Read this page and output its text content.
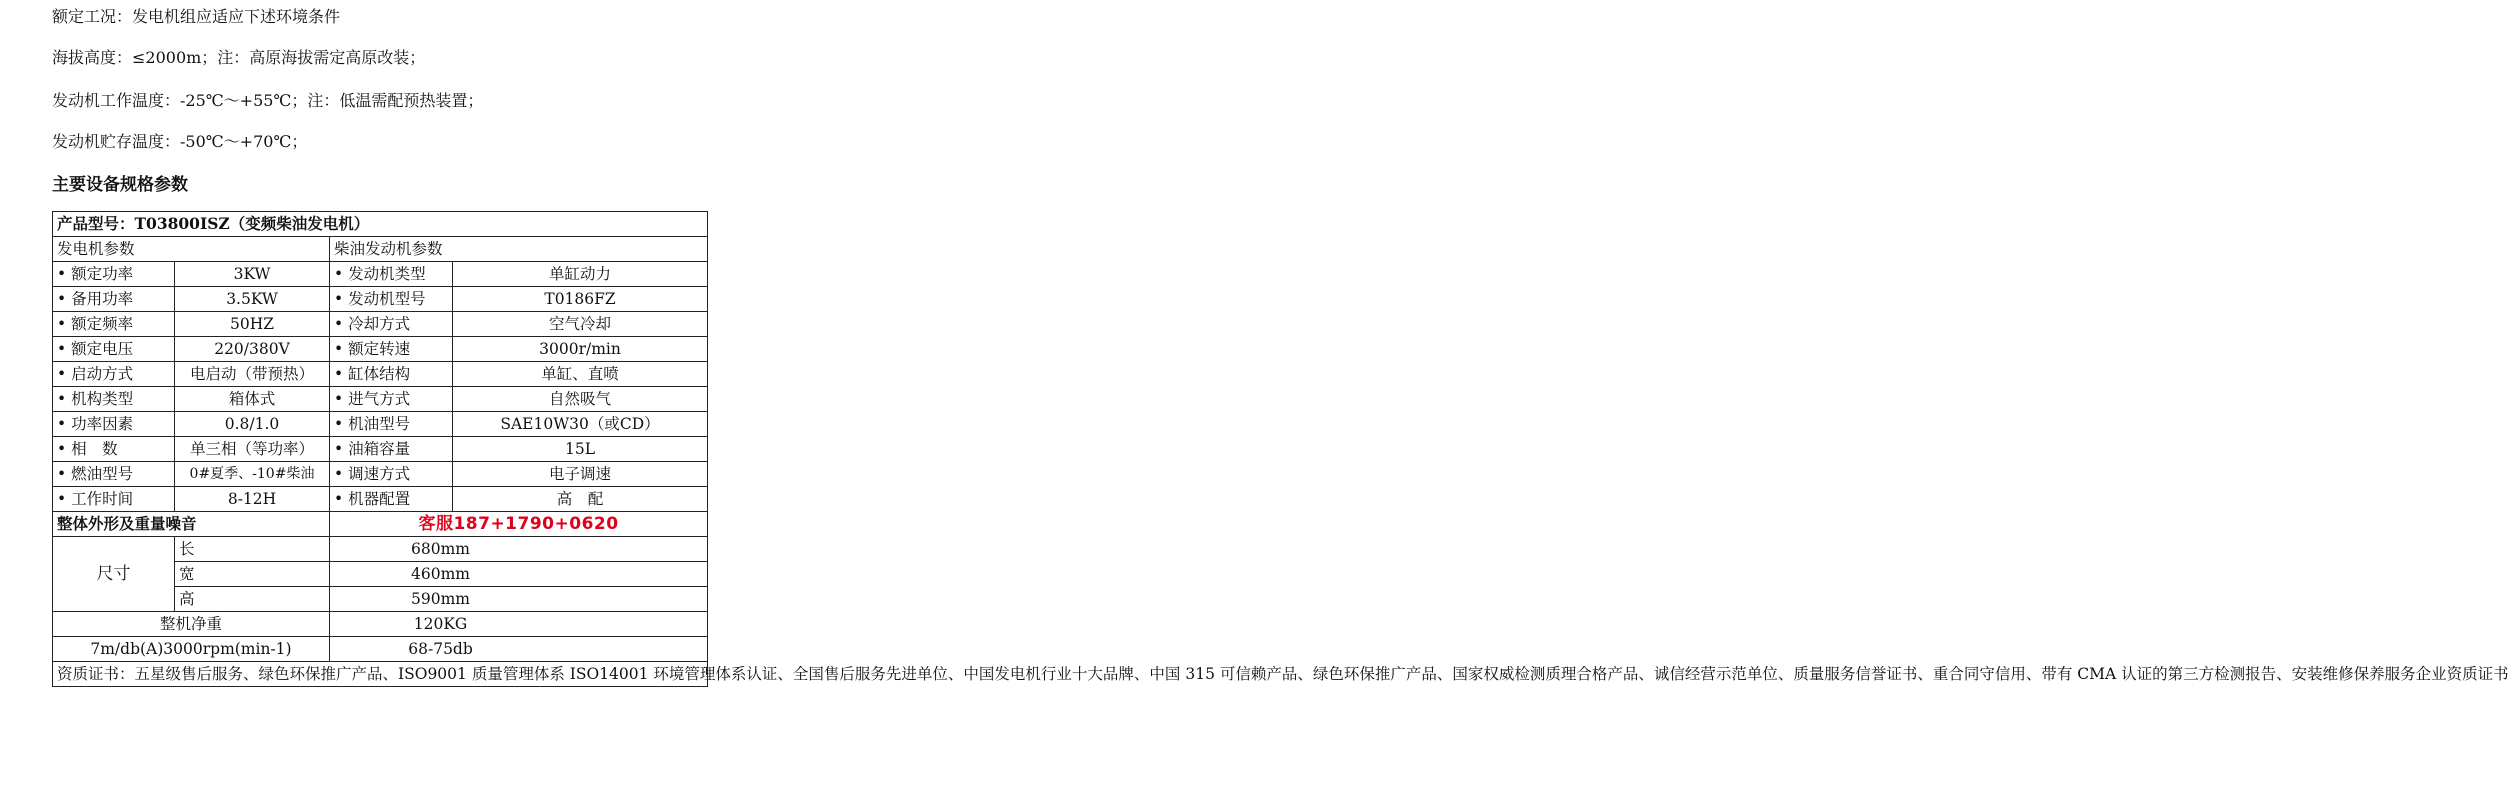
额定工况：发电机组应适应下述环境条件
海拔高度：≤2000m；注：高原海拔需定高原改装；
发动机工作温度：-25℃～+55℃；注：低温需配预热装置；
发动机贮存温度：-50℃～+70℃；
主要设备规格参数
产品型号：T03800ISZ（变频柴油发电机）			
发电机参数		柴油发动机参数	
• 额定功率	3KW	• 发动机类型	单缸动力
• 备用功率	3.5KW	• 发动机型号	T0186FZ
• 额定频率	50HZ	• 冷却方式	空气冷却
• 额定电压	220/380V	• 额定转速	3000r/min
• 启动方式	电启动（带预热）	• 缸体结构	单缸、直喷
• 机构类型	箱体式	• 进气方式	自然吸气
• 功率因素	0.8/1.0	• 机油型号	SAE10W30（或CD）
• 相　数	单三相（等功率）	• 油箱容量	15L
• 燃油型号	0#夏季、-10#柴油	• 调速方式	电子调速
• 工作时间	8-12H	• 机器配置	高　配
整体外形及重量噪音		客服187+1790+0620	
尺寸	长	680mm	
	宽	460mm	
	高	590mm	
整机净重		120KG	
7m/db(A)3000rpm(min-1)		68-75db	
资质证书：五星级售后服务、绿色环保推广产品、ISO9001 质量管理体系 ISO14001 环境管理体系认证、全国售后服务先进单位、中国发电机行业十大品牌、中国 315 可信赖产品、绿色环保推广产品、国家权威检测质理合格产品、诚信经营示范单位、质量服务信誉证书、重合同守信用、带有 CMA 认证的第三方检测报告、安装维修保养服务企业资质证书			
